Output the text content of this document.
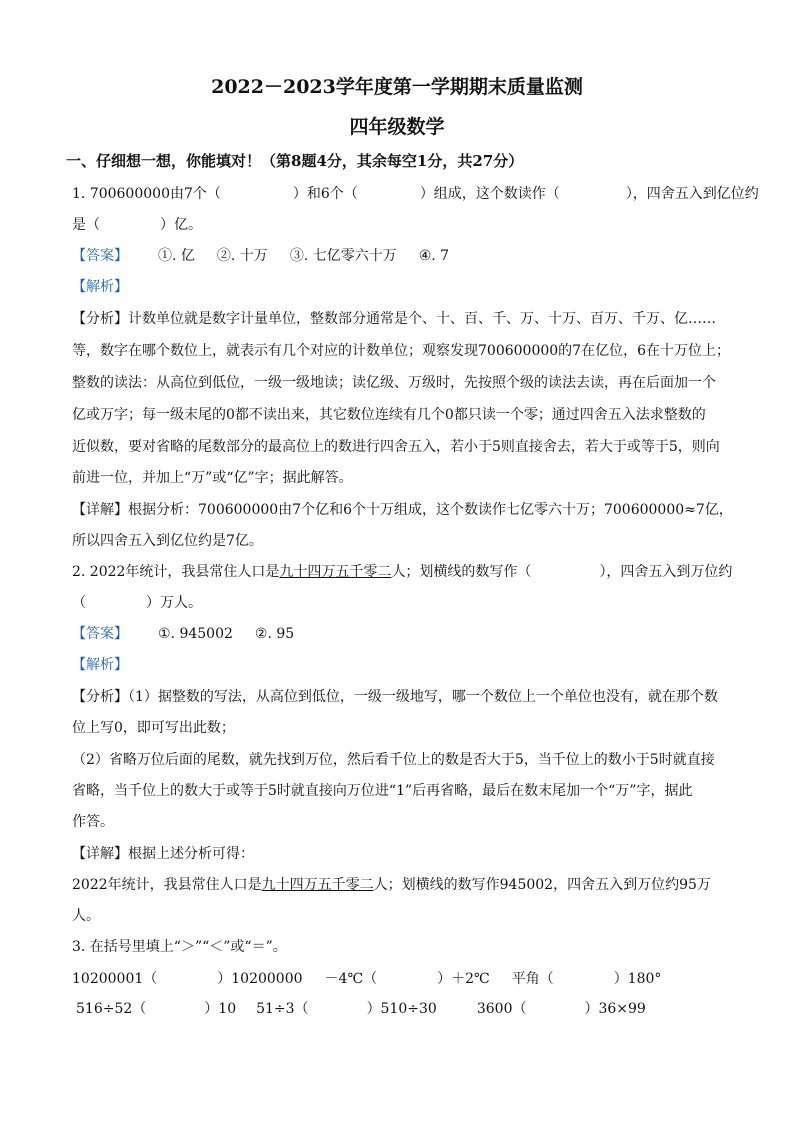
2022－2023学年度第一学期期末质量监测
四年级数学
一、仔细想一想，你能填对！（第8题4分，其余每空1分，共27分）
1. 700600000由7个（	）和6个（	）组成，这个数读作（	），四舍五入到亿位约
是（	）亿。
【答案】 ①. 亿 ②. 十万 ③. 七亿零六十万 ④. 7
【解析】
【分析】计数单位就是数字计量单位，整数部分通常是个、十、百、千、万、十万、百万、千万、亿……
等，数字在哪个数位上，就表示有几个对应的计数单位；观察发现700600000的7在亿位，6在十万位上；
整数的读法：从高位到低位，一级一级地读；读亿级、万级时，先按照个级的读法去读，再在后面加一个
亿或万字；每一级末尾的0都不读出来，其它数位连续有几个0都只读一个零；通过四舍五入法求整数的
近似数，要对省略的尾数部分的最高位上的数进行四舍五入，若小于5则直接舍去，若大于或等于5，则向
前进一位，并加上“万”或“亿”字；据此解答。
【详解】根据分析：700600000由7个亿和6个十万组成，这个数读作七亿零六十万；700600000≈7亿，
所以四舍五入到亿位约是7亿。
2. 2022年统计，我县常住人口是九十四万五千零二人；划横线的数写作（	），四舍五入到万位约
（	）万人。
【答案】 ①. 945002 ②. 95
【解析】
【分析】（1）据整数的写法，从高位到低位，一级一级地写，哪一个数位上一个单位也没有，就在那个数
位上写0，即可写出此数；
（2）省略万位后面的尾数，就先找到万位，然后看千位上的数是否大于5，当千位上的数小于5时就直接
省略，当千位上的数大于或等于5时就直接向万位进“1”后再省略，最后在数末尾加一个“万”字，据此
作答。
【详解】根据上述分析可得：
2022年统计，我县常住人口是九十四万五千零二人；划横线的数写作945002，四舍五入到万位约95万
人。
3. 在括号里填上“＞”“＜”或“＝”。
10200001（	）10200000 －4℃（	）＋2℃ 平角（	）180°
516÷52（	）10 51÷3（	）510÷30	3600（	）36×99
